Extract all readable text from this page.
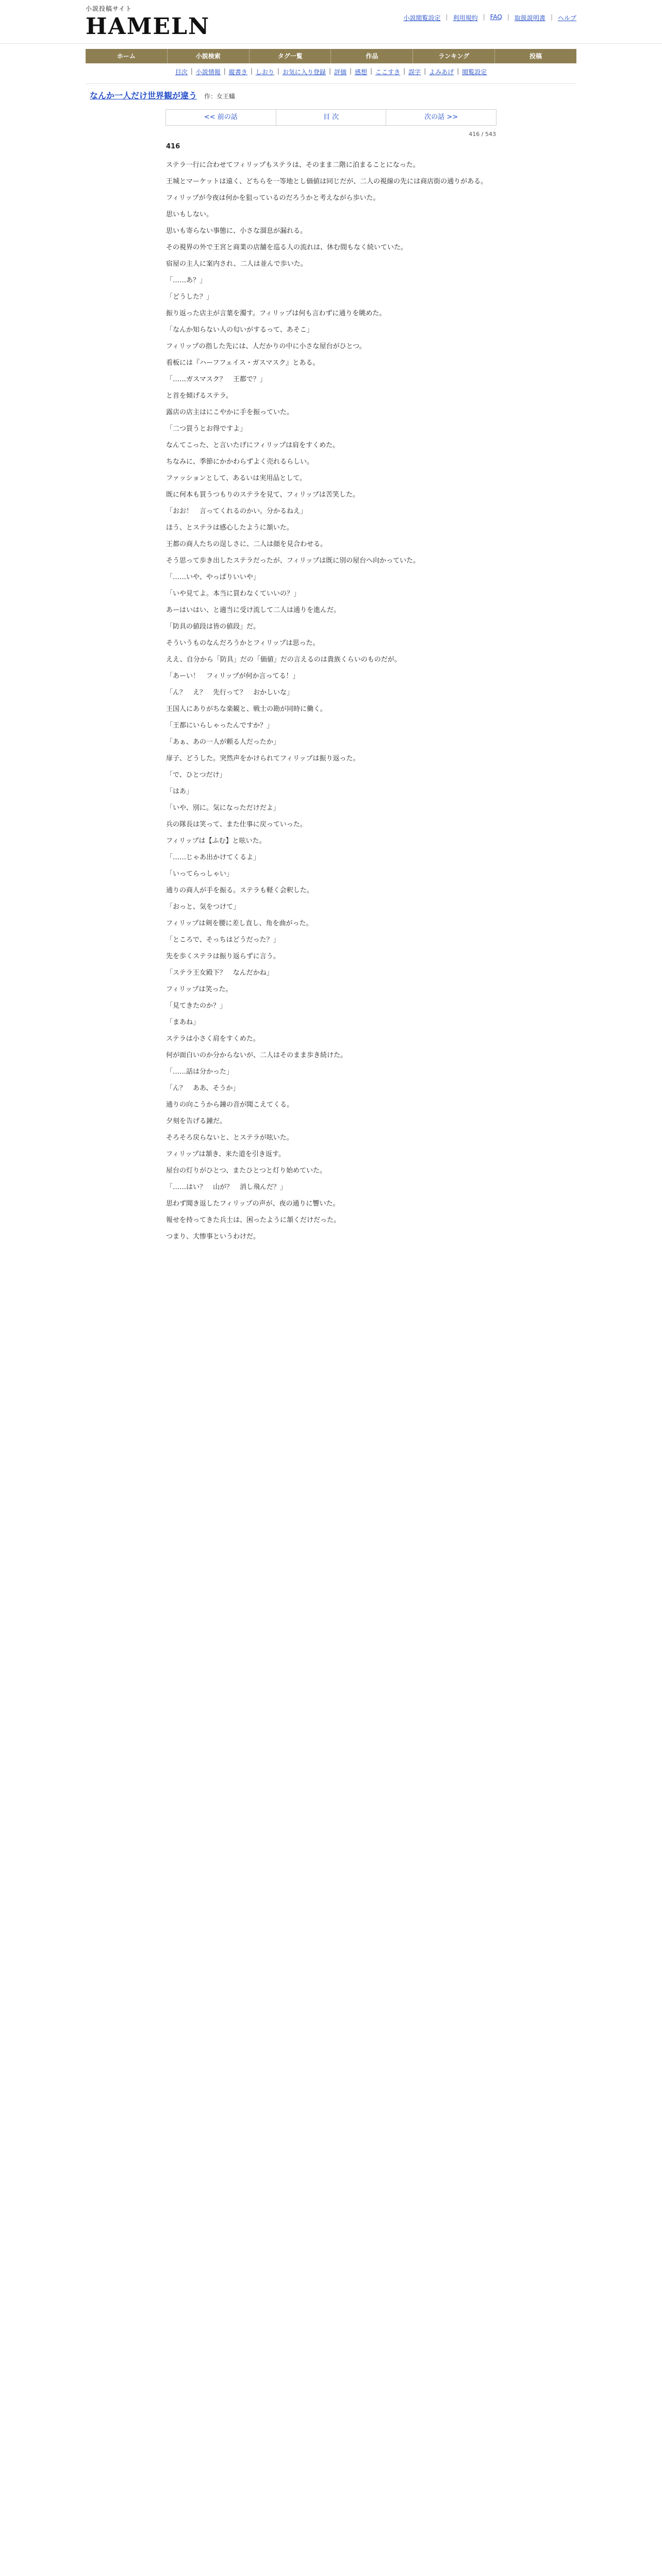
小説投稿サイト
HAMELN	小説閲覧設定 | 利用規約 | FAQ | 取扱説明書 | ヘルプ
ホーム	小説検索	タグ一覧	作品	ランキング	投稿
目次 | 小説情報 | 縦書き | しおり | お気に入り登録 | 評価 | 感想 | ここすき | 誤字 | よみあげ | 閲覧設定
なんか一人だけ世界観が違う 作：女王蟻
<< 前の話	目 次	次の話 >>
416 / 543
416

ステラ一行に合わせてフィリップもステラは、そのまま二階に泊まることになった。

王城とマーケットは遠く、どちらを一等地とし価値は同じだが、二人の視線の先には商店街の通りがある。

フィリップが今夜は何かを狙っているのだろうかと考えながら歩いた。

思いもしない。

思いも寄らない事態に、小さな溜息が漏れる。

その視界の外で王宮と商業の店舗を巡る人の流れは、休む間もなく続いていた。

宿屋の主人に案内され、二人は並んで歩いた。

「……あ？」

「どうした？」

振り返った店主が言葉を濁す。フィリップは何も言わずに通りを眺めた。

「なんか知らない人の匂いがするって、あそこ」

フィリップの指した先には、人だかりの中に小さな屋台がひとつ。

看板には『ハーフフェイス・ガスマスク』とある。

「……ガスマスク？　王都で？」

と首を傾げるステラ。

露店の店主はにこやかに手を振っていた。

「二つ買うとお得ですよ」

なんてこった、と言いたげにフィリップは肩をすくめた。

ちなみに、季節にかかわらずよく売れるらしい。

ファッションとして、あるいは実用品として。

既に何本も買うつもりのステラを見て、フィリップは苦笑した。

「おお！　言ってくれるのかい。分かるねえ」

ほう、とステラは感心したように頷いた。

王都の商人たちの逞しさに、二人は顔を見合わせる。

そう思って歩き出したステラだったが、フィリップは既に別の屋台へ向かっていた。

「……いや、やっぱりいいや」

「いや見てよ。本当に買わなくていいの？」

あーはいはい、と適当に受け流して二人は通りを進んだ。

「防具の値段は皆の値段」だ。

そういうものなんだろうかとフィリップは思った。

ええ、自分から「防具」だの「価値」だの言えるのは貴族くらいのものだが。

「あーい！　フィリップが何か言ってる！」

「ん？　え？　先行って？　おかしいな」

王国人にありがちな楽観と、戦士の勘が同時に働く。

「王都にいらしゃったんですか？」

「あぁ、あの一人が頼る人だったか」

扉子、どうした。突然声をかけられてフィリップは振り返った。

「で、ひとつだけ」

「はあ」

「いや、別に。気になっただけだよ」

兵の隊長は笑って、また仕事に戻っていった。

フィリップは【ふむ】と呟いた。

「……じゃあ出かけてくるよ」

「いってらっしゃい」

通りの商人が手を振る。ステラも軽く会釈した。

「おっと、気をつけて」

フィリップは剣を腰に差し直し、角を曲がった。

「ところで、そっちはどうだった？」

先を歩くステラは振り返らずに言う。

「ステラ王女殿下？　なんだかね」

フィリップは笑った。

「見てきたのか？」

「まあね」

ステラは小さく肩をすくめた。

何が面白いのか分からないが、二人はそのまま歩き続けた。

「……話は分かった」

「ん？　ああ、そうか」

通りの向こうから鐘の音が聞こえてくる。

夕刻を告げる鐘だ。

そろそろ戻らないと、とステラが呟いた。

フィリップは頷き、来た道を引き返す。

屋台の灯りがひとつ、またひとつと灯り始めていた。

「……はい？　山が？　消し飛んだ？」

思わず聞き返したフィリップの声が、夜の通りに響いた。

報せを持ってきた兵士は、困ったように頷くだけだった。

つまり、大惨事というわけだ。
